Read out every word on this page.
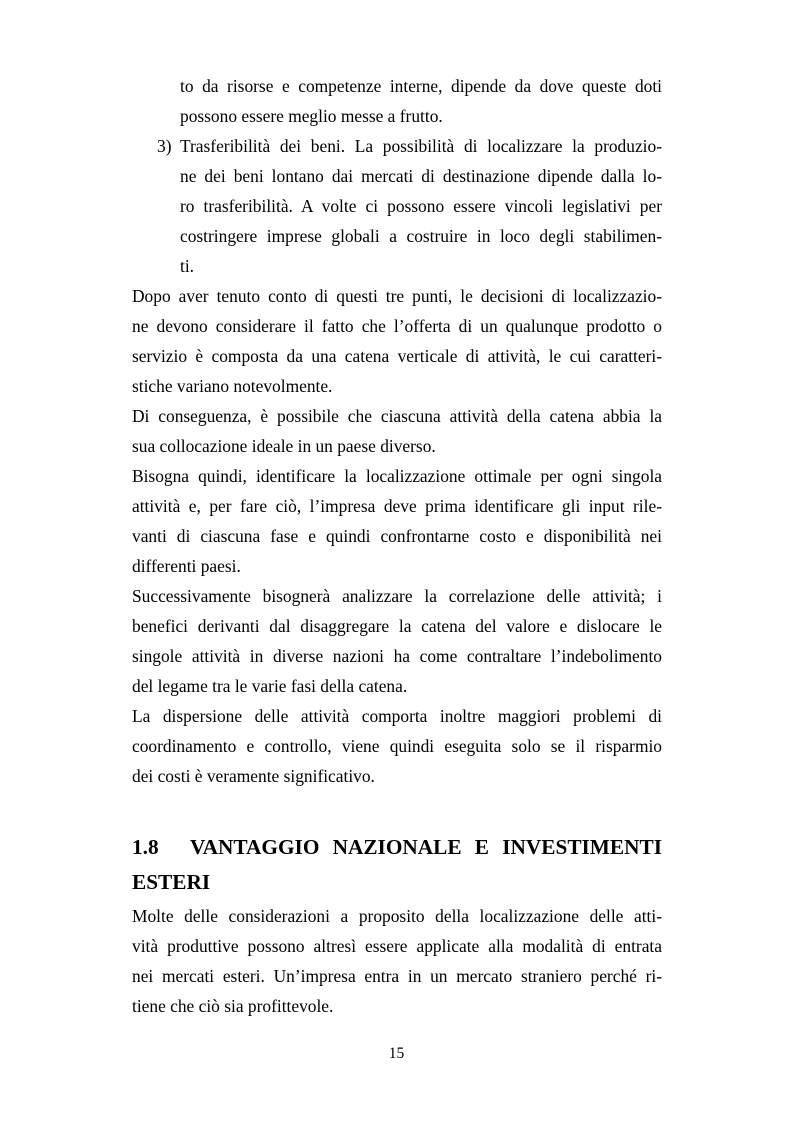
to da risorse e competenze interne, dipende da dove queste doti
possono essere meglio messe a frutto.
3) Trasferibilità dei beni. La possibilità di localizzare la produzio-
ne dei beni lontano dai mercati di destinazione dipende dalla lo-
ro trasferibilità. A volte ci possono essere vincoli legislativi per
costringere imprese globali a costruire in loco degli stabilimen-
ti.
Dopo aver tenuto conto di questi tre punti, le decisioni di localizzazio-
ne devono considerare il fatto che l’offerta di un qualunque prodotto o
servizio è composta da una catena verticale di attività, le cui caratteri-
stiche variano notevolmente.
Di conseguenza, è possibile che ciascuna attività della catena abbia la
sua collocazione ideale in un paese diverso.
Bisogna quindi, identificare la localizzazione ottimale per ogni singola
attività e, per fare ciò, l’impresa deve prima identificare gli input rile-
vanti di ciascuna fase e quindi confrontarne costo e disponibilità nei
differenti paesi.
Successivamente bisognerà analizzare la correlazione delle attività; i
benefici derivanti dal disaggregare la catena del valore e dislocare le
singole attività in diverse nazioni ha come contraltare l’indebolimento
del legame tra le varie fasi della catena.
La dispersione delle attività comporta inoltre maggiori problemi di
coordinamento e controllo, viene quindi eseguita solo se il risparmio
dei costi è veramente significativo.
1.8 VANTAGGIO NAZIONALE E INVESTIMENTI
ESTERI
Molte delle considerazioni a proposito della localizzazione delle atti-
vità produttive possono altresì essere applicate alla modalità di entrata
nei mercati esteri. Un’impresa entra in un mercato straniero perché ri-
tiene che ciò sia profittevole.
15
